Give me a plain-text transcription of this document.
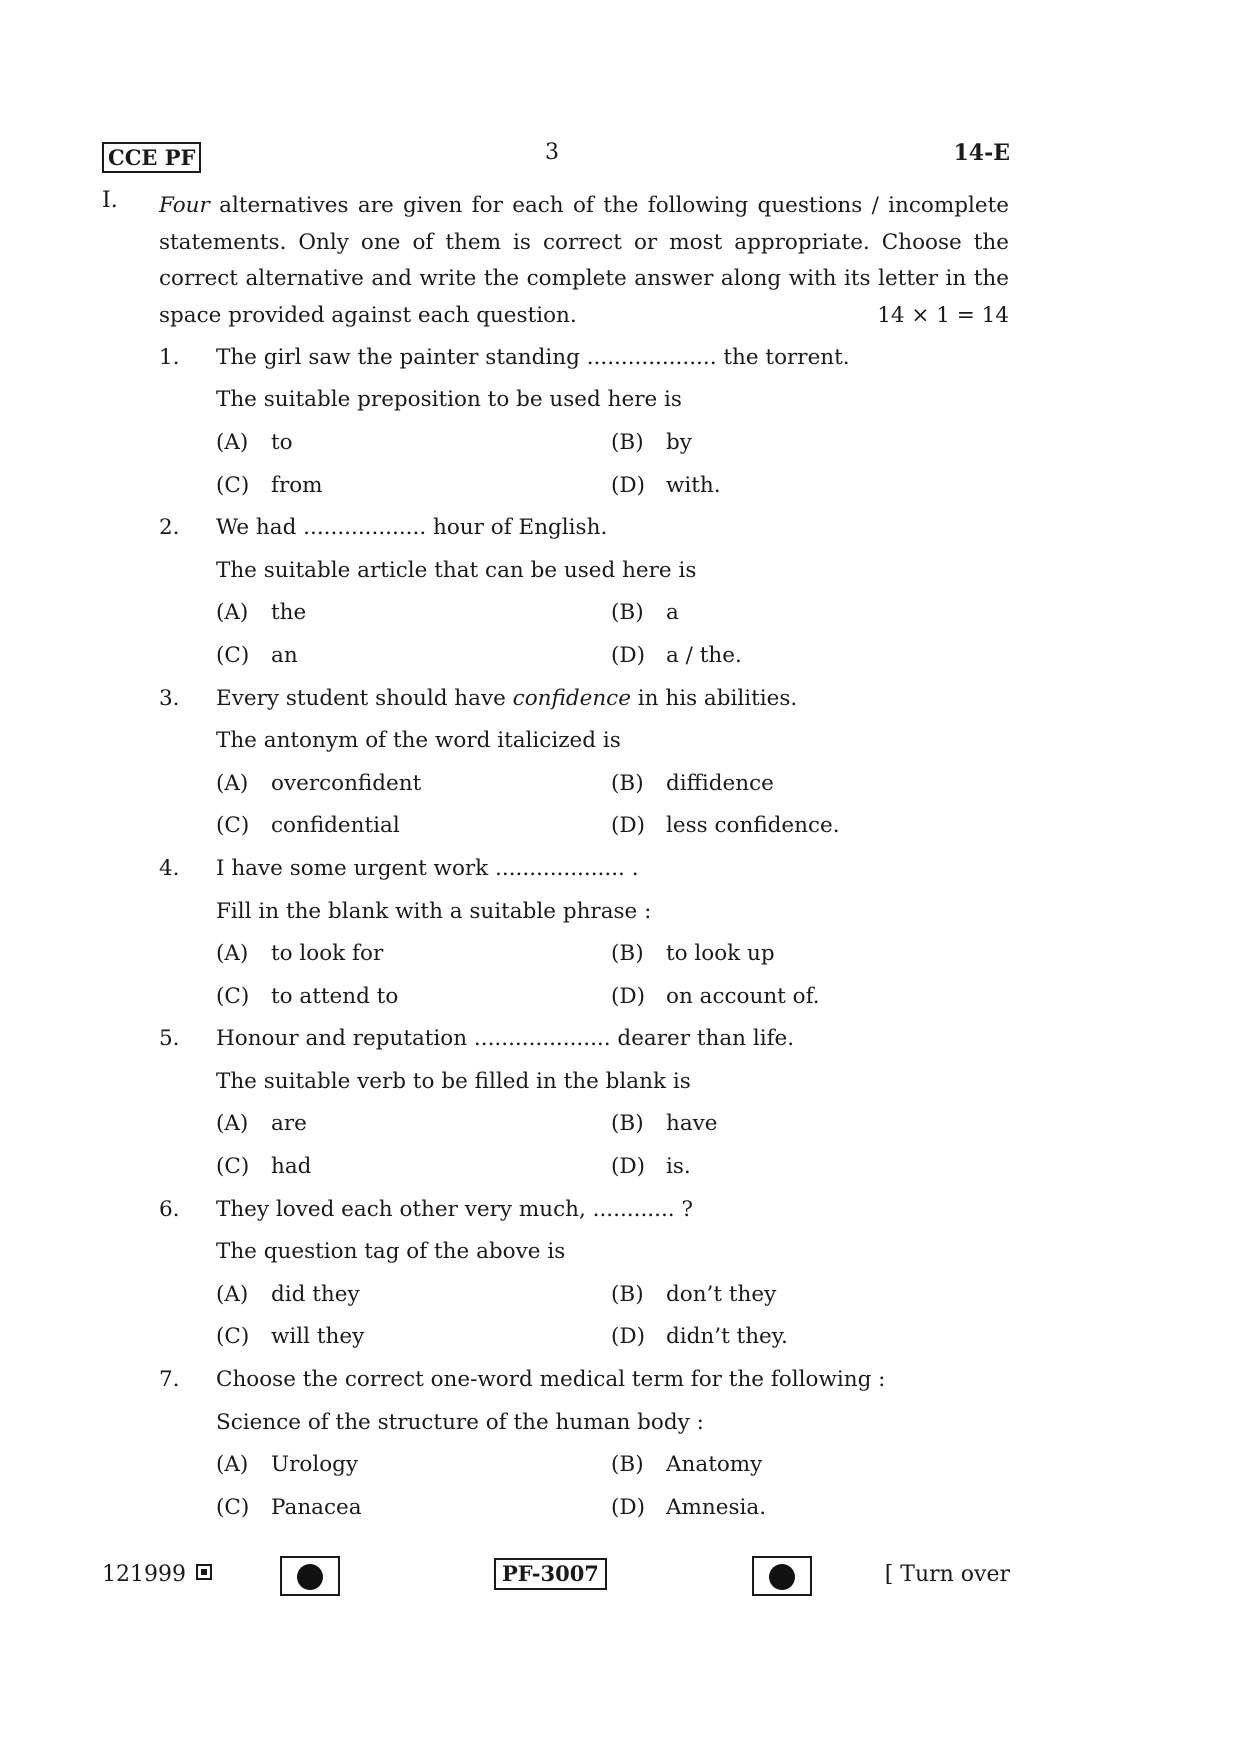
CCE PF	3	14-E
I. Four alternatives are given for each of the following questions / incomplete statements. Only one of them is correct or most appropriate. Choose the correct alternative and write the complete answer along with its letter in the space provided against each question.	14 × 1 = 14
1.	The girl saw the painter standing ................... the torrent.
The suitable preposition to be used here is
(A)	to	(B)	by
(C)	from	(D) with.
2.	We had .................. hour of English.
The suitable article that can be used here is
(A)	the	(B)	a
(C)	an	(D) a / the.
3.	Every student should have confidence in his abilities.
The antonym of the word italicized is
(A)	overconfident	(B)	diffidence
(C)	confidential	(D) less confidence.
4.	I have some urgent work ................... .
Fill in the blank with a suitable phrase :
(A)	to look for	(B)	to look up
(C)	to attend to	(D) on account of.
5.	Honour and reputation .................... dearer than life.
The suitable verb to be filled in the blank is
(A)	are	(B)	have
(C)	had	(D) is.
6.	They loved each other very much, ............ ?
The question tag of the above is
(A)	did they	(B)	don’t they
(C)	will they	(D) didn’t they.
7.	Choose the correct one-word medical term for the following :
Science of the structure of the human body :
(A)	Urology	(B)	Anatomy
(C)	Panacea	(D) Amnesia.
121999	PF-3007	[ Turn over
